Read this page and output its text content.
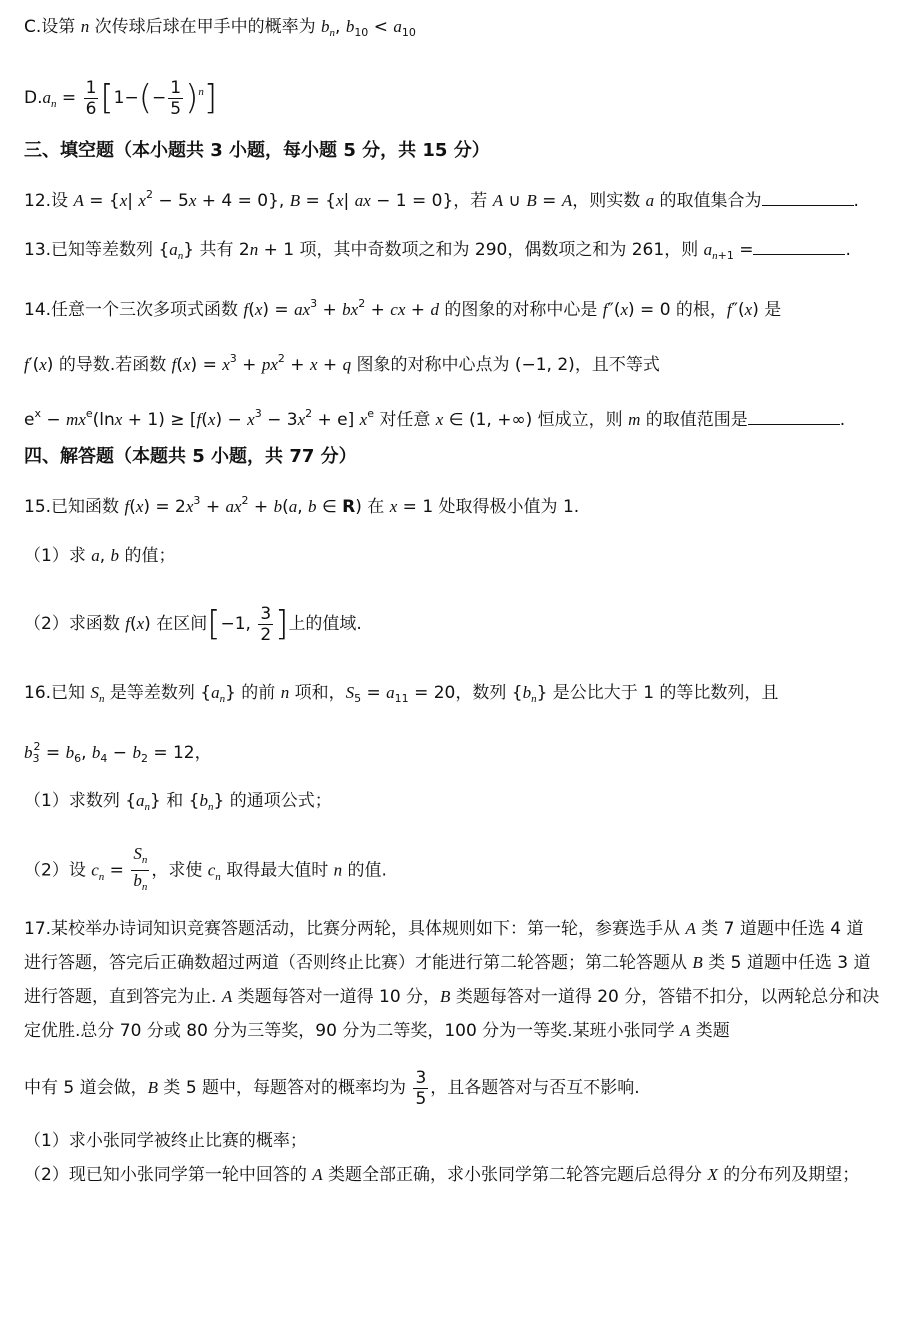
C.设第 n 次传球后球在甲手中的概率为 $b_n$, $b_{10} < a_{10}$
$D.a_n = \frac{1}{6} [1-(- \frac{1}{5} )^n]$
三、填空题（本小题共 3 小题，每小题 5 分，共 15 分）
12.设 A = {x| $x^2 - 5x + 4 = 0$}, B = {x| ax − 1 = 0}，若 A ∪ B = A，则实数 a 的取值集合为	.
13.已知等差数列 $\{a_n\}$ 共有 2n + 1 项，其中奇数项之和为 290，偶数项之和为 261，则 $a_{n+1}$ =	.
14.任意一个三次多项式函数 $f(x) = ax^3 + bx^2$ + cx + d 的图象的对称中心是 f″(x) = 0 的根，f″(x) 是
f′(x) 的导数.若函数 $f(x) = x^3 + px^2 + x + q$ 图象的对称中心点为 (−1, 2)，且不等式
$e^x - mx^e(\ln x + 1) \ge [f(x) - x^3 - 3x^2 + e]$ $x^e$ 对任意 x ∈ (1, +∞) 恒成立，则 m 的取值范围是	.
四、解答题（本题共 5 小题，共 77 分）
15.已知函数 $f(x) = 2x^3 + ax^2 + b(a$, b ∈ R) 在 x = 1 处取得极小值为 1.
（1）求 a, b 的值；
（2）求函数 f(x) 在区间[−1, $\frac{3}{2}$ ]上的值域.
16.已知 $S_n$ 是等差数列 $\{a_n\}$ 的前 n 项和，$S_5 = a_{11} = 20$，数列 $\{b_n\}$ 是公比大于 1 的等比数列，且
$b_3^2 = b_6$, $b_4 - b_2 = 12$，
（1）求数列 $\{a_n\}$ 和 $\{b_n\}$ 的通项公式；
（2）设 $c_n = \frac{S_n}{b_n}$ ，求使 $c_n$ 取得最大值时 n 的值.
17.某校举办诗词知识竞赛答题活动，比赛分两轮，具体规则如下：第一轮，参赛选手从 A 类 7 道题中任选 4 道进行答题，答完后正确数超过两道（否则终止比赛）才能进行第二轮答题；第二轮答题从 B 类 5 道题中任选 3 道进行答题，直到答完为止. A 类题每答对一道得 10 分，B 类题每答对一道得 20 分，答错不扣分，以两轮总分和决定优胜.总分 70 分或 80 分为三等奖，90 分为二等奖，100 分为一等奖.某班小张同学 A 类题
中有 5 道会做，B 类 5 题中，每题答对的概率均为 $\frac{3}{5}$ ，且各题答对与否互不影响.
（1）求小张同学被终止比赛的概率；
（2）现已知小张同学第一轮中回答的 A 类题全部正确，求小张同学第二轮答完题后总得分 X 的分布列及期望；
